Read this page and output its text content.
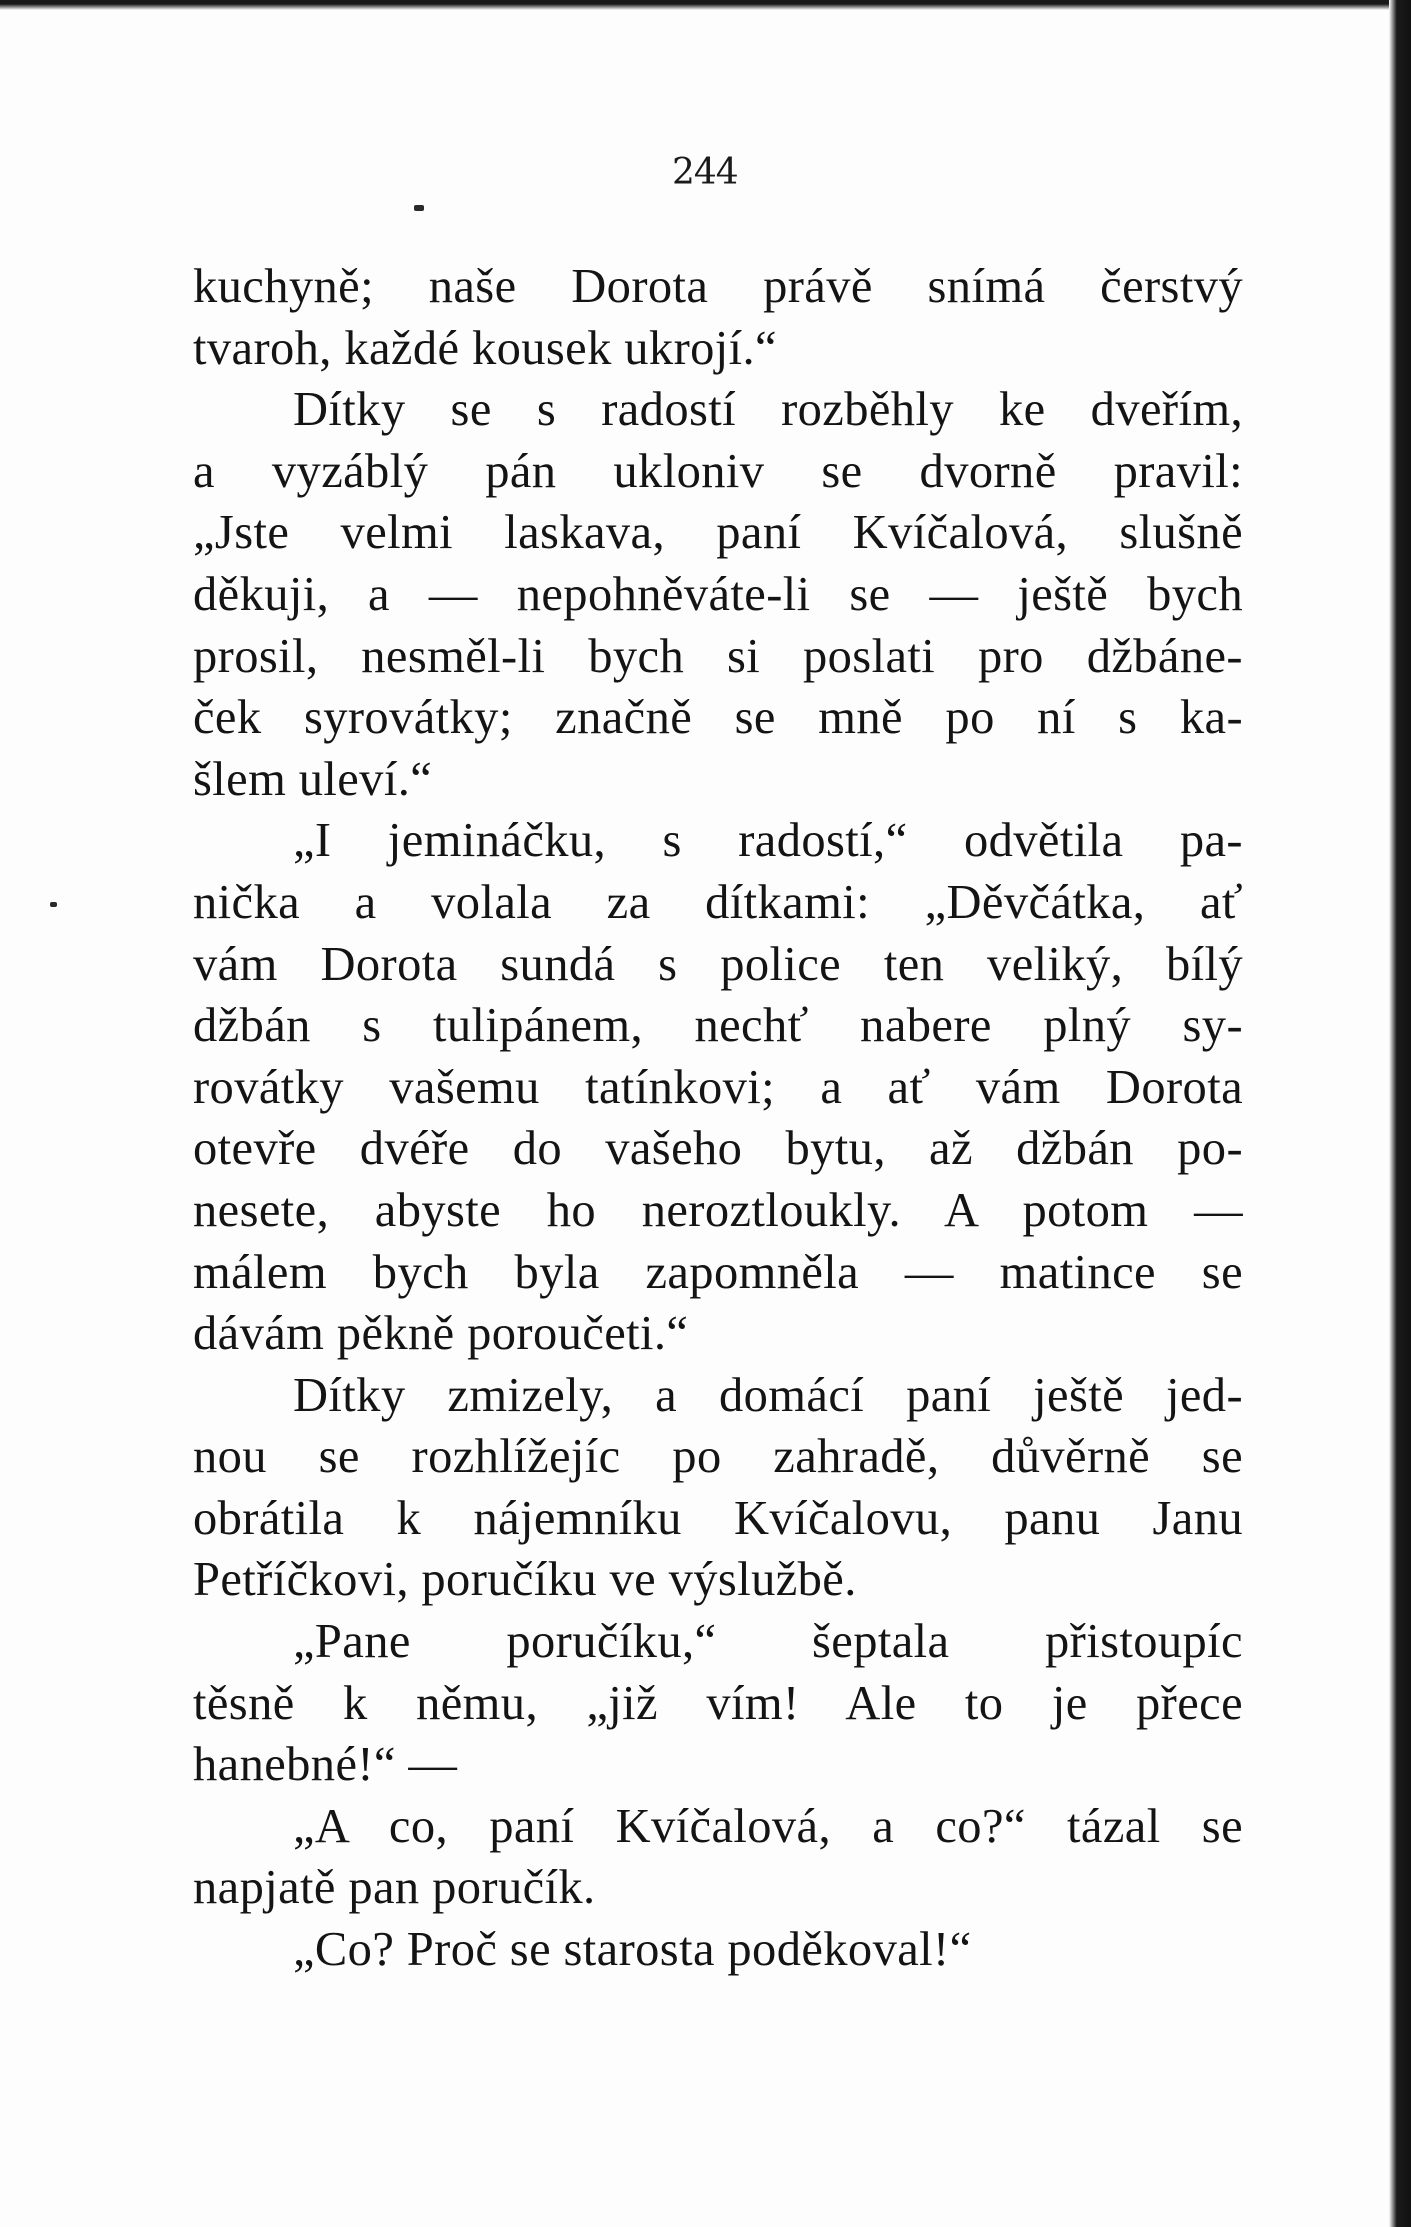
244
kuchyně; naše Dorota právě snímá čerstvý
tvaroh, každé kousek ukrojí.“
Dítky se s radostí rozběhly ke dveřím,
a vyzáblý pán ukloniv se dvorně pravil:
„Jste velmi laskava, paní Kvíčalová, slušně
děkuji, a — nepohněváte-li se — ještě bych
prosil, nesměl-li bych si poslati pro džbáne-
ček syrovátky; značně se mně po ní s ka-
šlem uleví.“
„I jemináčku, s radostí,“ odvětila pa-
nička a volala za dítkami: „Děvčátka, ať
vám Dorota sundá s police ten veliký, bílý
džbán s tulipánem, nechť nabere plný sy-
rovátky vašemu tatínkovi; a ať vám Dorota
otevře dvéře do vašeho bytu, až džbán po-
nesete, abyste ho neroztloukly. A potom —
málem bych byla zapomněla — matince se
dávám pěkně poroučeti.“
Dítky zmizely, a domácí paní ještě jed-
nou se rozhlížejíc po zahradě, důvěrně se
obrátila k nájemníku Kvíčalovu, panu Janu
Petříčkovi, poručíku ve výslužbě.
„Pane poručíku,“ šeptala přistoupíc
těsně k němu, „již vím! Ale to je přece
hanebné!“ —
„A co, paní Kvíčalová, a co?“ tázal se
napjatě pan poručík.
„Co? Proč se starosta poděkoval!“
